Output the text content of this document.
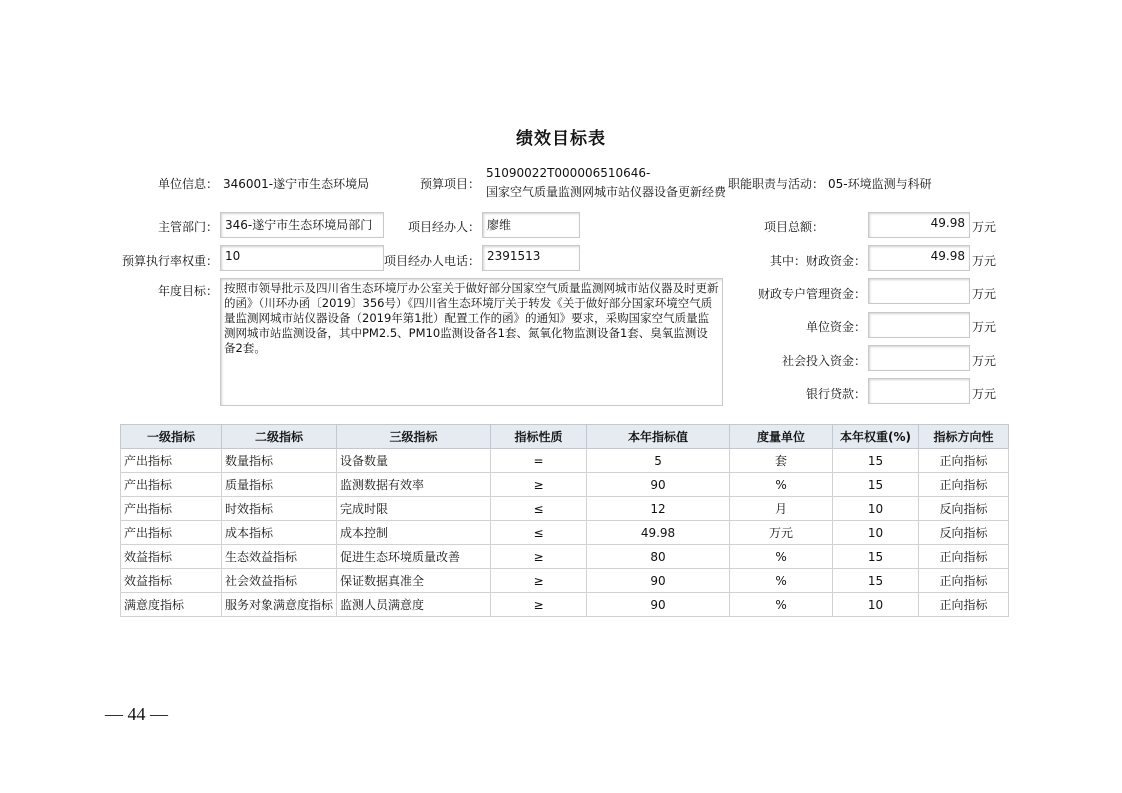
绩效目标表
单位信息： 346001-遂宁市生态环境局	预算项目：
51090022T000006510646-
国家空气质量监测网城市站仪器设备更新经费
职能职责与活动： 05-环境监测与科研
主管部门： 346-遂宁市生态环境局部门	项目经办人： 廖维	项目总额：	49.98 万元
预算执行率权重： 10	项目经办人电话： 2391513	其中：财政资金：	49.98 万元
年度目标： 按照市领导批示及四川省生态环境厅办公室关于做好部分国家空气质量监测网城市站仪器及时更新的函》（川环办函〔2019〕356号）《四川省生态环境厅关于转发《关于做好部分国家环境空气质量监测网城市站仪器设备（2019年第1批）配置工作的函》的通知》要求，采购国家空气质量监测网城市站监测设备，其中PM2.5、PM10监测设备各1套、氮氧化物监测设备1套、臭氧监测设备2套。
财政专户管理资金：	万元
单位资金：	万元
社会投入资金：	万元
银行贷款：	万元
一级指标	二级指标	三级指标	指标性质	本年指标值	度量单位	本年权重(%)	指标方向性
产出指标	数量指标	设备数量	=	5	套	15	正向指标
产出指标	质量指标	监测数据有效率	≥	90	%	15	正向指标
产出指标	时效指标	完成时限	≤	12	月	10	反向指标
产出指标	成本指标	成本控制	≤	49.98	万元	10	反向指标
效益指标	生态效益指标	促进生态环境质量改善	≥	80	%	15	正向指标
效益指标	社会效益指标	保证数据真准全	≥	90	%	15	正向指标
满意度指标	服务对象满意度指标	监测人员满意度	≥	90	%	10	正向指标
— 44 —
